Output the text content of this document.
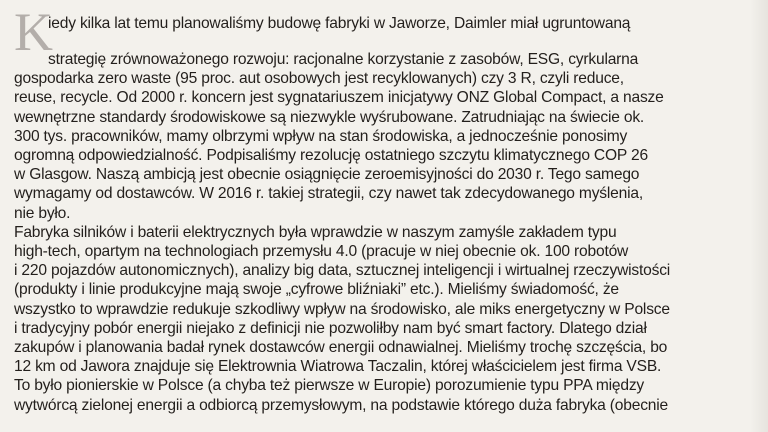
K
iedy kilka lat temu planowaliśmy budowę fabryki w Jaworze, Daimler miał ugruntowaną
strategię zrównoważonego rozwoju: racjonalne korzystanie z zasobów, ESG, cyrkularna
gospodarka zero waste (95 proc. aut osobowych jest recyklowanych) czy 3 R, czyli reduce,
reuse, recycle. Od 2000 r. koncern jest sygnatariuszem inicjatywy ONZ Global Compact, a nasze
wewnętrzne standardy środowiskowe są niezwykle wyśrubowane. Zatrudniając na świecie ok.
300 tys. pracowników, mamy olbrzymi wpływ na stan środowiska, a jednocześnie ponosimy
ogromną odpowiedzialność. Podpisaliśmy rezolucję ostatniego szczytu klimatycznego COP 26
w Glasgow. Naszą ambicją jest obecnie osiągnięcie zeroemisyjności do 2030 r. Tego samego
wymagamy od dostawców. W 2016 r. takiej strategii, czy nawet tak zdecydowanego myślenia,
nie było.
Fabryka silników i baterii elektrycznych była wprawdzie w naszym zamyśle zakładem typu
high-tech, opartym na technologiach przemysłu 4.0 (pracuje w niej obecnie ok. 100 robotów
i 220 pojazdów autonomicznych), analizy big data, sztucznej inteligencji i wirtualnej rzeczywistości
(produkty i linie produkcyjne mają swoje „cyfrowe bliźniaki” etc.). Mieliśmy świadomość, że
wszystko to wprawdzie redukuje szkodliwy wpływ na środowisko, ale miks energetyczny w Polsce
i tradycyjny pobór energii niejako z definicji nie pozwoliłby nam być smart factory. Dlatego dział
zakupów i planowania badał rynek dostawców energii odnawialnej. Mieliśmy trochę szczęścia, bo
12 km od Jawora znajduje się Elektrownia Wiatrowa Taczalin, której właścicielem jest firma VSB.
To było pionierskie w Polsce (a chyba też pierwsze w Europie) porozumienie typu PPA między
wytwórcą zielonej energii a odbiorcą przemysłowym, na podstawie którego duża fabryka (obecnie
